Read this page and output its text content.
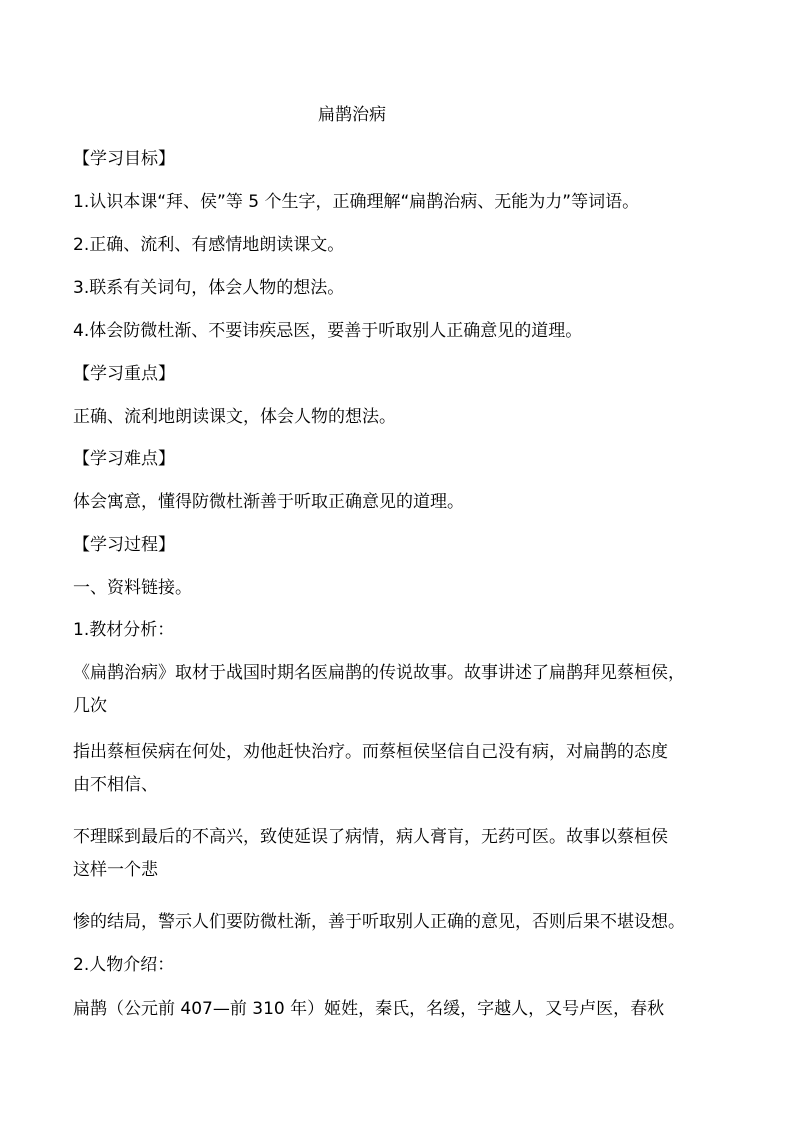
扁鹊治病
【学习目标】
1.认识本课“拜、侯”等 5 个生字，正确理解“扁鹊治病、无能为力”等词语。
2.正确、流利、有感情地朗读课文。
3.联系有关词句，体会人物的想法。
4.体会防微杜渐、不要讳疾忌医，要善于听取别人正确意见的道理。
【学习重点】
正确、流利地朗读课文，体会人物的想法。
【学习难点】
体会寓意，懂得防微杜渐善于听取正确意见的道理。
【学习过程】
一、资料链接。
1.教材分析：
《扁鹊治病》取材于战国时期名医扁鹊的传说故事。故事讲述了扁鹊拜见蔡桓侯，
几次
指出蔡桓侯病在何处，劝他赶快治疗。而蔡桓侯坚信自己没有病，对扁鹊的态度
由不相信、
不理睬到最后的不高兴，致使延误了病情，病人膏肓，无药可医。故事以蔡桓侯
这样一个悲
惨的结局，警示人们要防微杜渐，善于听取别人正确的意见，否则后果不堪设想。
2.人物介绍：
扁鹊（公元前 407—前 310 年）姬姓，秦氏，名缓，字越人，又号卢医，春秋
